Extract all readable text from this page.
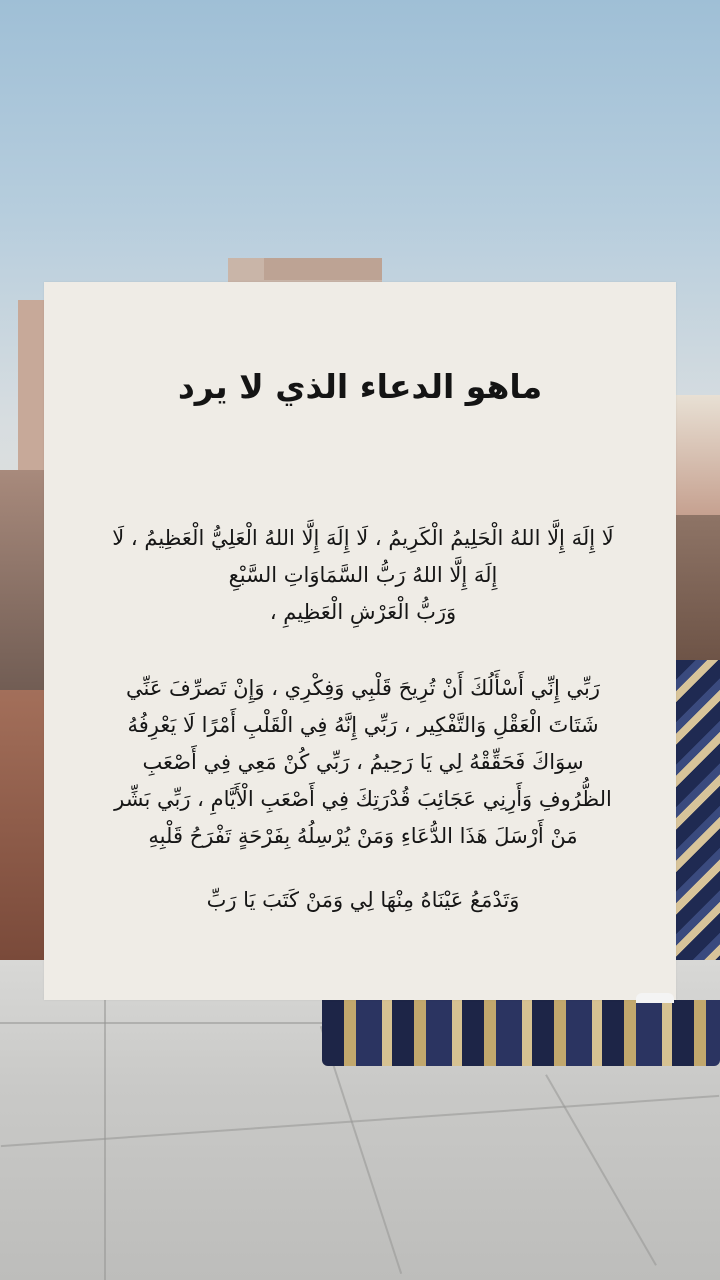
ماهو الدعاء الذي لا يرد
لَا إِلَهَ إِلَّا اللهُ الْحَلِيمُ الْكَرِيمُ ، لَا إِلَهَ إِلَّا اللهُ الْعَلِيُّ الْعَظِيمُ ، لَا
إِلَهَ إِلَّا اللهُ رَبُّ السَّمَاوَاتِ السَّبْعِ
وَرَبُّ الْعَرْشِ الْعَظِيمِ ،
رَبِّي إِنِّي أَسْأَلُكَ أَنْ تُرِيحَ قَلْبِي وَفِكْرِي ، وَإِنْ تَصرِّفَ عَنِّي
شَتَاتَ الْعَقْلِ وَالتَّفْكِير ، رَبِّي إِنَّهُ فِي الْقَلْبِ أَمْرًا لَا يَعْرِفُهُ
سِوَاكَ فَحَقِّقْهُ لِي يَا رَحِيمُ ، رَبِّي كُنْ مَعِي فِي أَصْعَبِ
الظُّرُوفِ وَأَرِنِي عَجَائِبَ قُدْرَتِكَ فِي أَصْعَبِ الْأَيَّامِ ، رَبِّي بَشِّر
مَنْ أَرْسَلَ هَذَا الدُّعَاءِ وَمَنْ يُرْسِلُهُ بِفَرْحَةٍ تَفْرَحُ قَلْبِهِ
وَتَدْمَعُ عَيْنَاهُ مِنْهَا لِي وَمَنْ كَتَبَ يَا رَبِّ
